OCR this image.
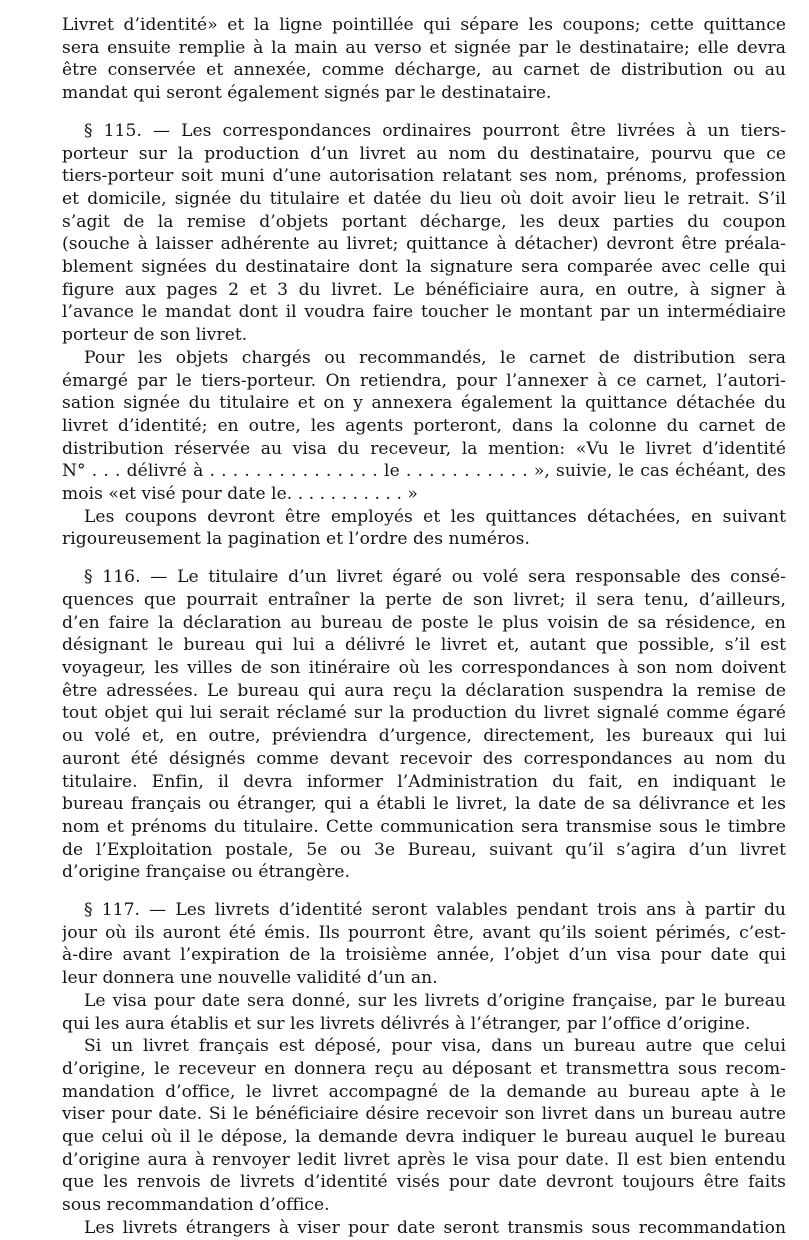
Livret d’identité» et la ligne pointillée qui sépare les coupons; cette quittance
sera ensuite remplie à la main au verso et signée par le destinataire; elle devra
être conservée et annexée, comme décharge, au carnet de distribution ou au
mandat qui seront également signés par le destinataire.
§ 115. — Les correspondances ordinaires pourront être livrées à un tiers-
porteur sur la production d’un livret au nom du destinataire, pourvu que ce
tiers-porteur soit muni d’une autorisation relatant ses nom, prénoms, profession
et domicile, signée du titulaire et datée du lieu où doit avoir lieu le retrait. S’il
s’agit de la remise d’objets portant décharge, les deux parties du coupon
(souche à laisser adhérente au livret; quittance à détacher) devront être préala-
blement signées du destinataire dont la signature sera comparée avec celle qui
figure aux pages 2 et 3 du livret. Le bénéficiaire aura, en outre, à signer à
l’avance le mandat dont il voudra faire toucher le montant par un intermédiaire
porteur de son livret.
Pour les objets chargés ou recommandés, le carnet de distribution sera
émargé par le tiers-porteur. On retiendra, pour l’annexer à ce carnet, l’autori-
sation signée du titulaire et on y annexera également la quittance détachée du
livret d’identité; en outre, les agents porteront, dans la colonne du carnet de
distribution réservée au visa du receveur, la mention: «Vu le livret d’identité
N° . . . délivré à . . . . . . . . . . . . . . . le . . . . . . . . . . . », suivie, le cas échéant, des
mois «et visé pour date le. . . . . . . . . . . »
Les coupons devront être employés et les quittances détachées, en suivant
rigoureusement la pagination et l’ordre des numéros.
§ 116. — Le titulaire d’un livret égaré ou volé sera responsable des consé-
quences que pourrait entraîner la perte de son livret; il sera tenu, d’ailleurs,
d’en faire la déclaration au bureau de poste le plus voisin de sa résidence, en
désignant le bureau qui lui a délivré le livret et, autant que possible, s’il est
voyageur, les villes de son itinéraire où les correspondances à son nom doivent
être adressées. Le bureau qui aura reçu la déclaration suspendra la remise de
tout objet qui lui serait réclamé sur la production du livret signalé comme égaré
ou volé et, en outre, préviendra d’urgence, directement, les bureaux qui lui
auront été désignés comme devant recevoir des correspondances au nom du
titulaire. Enfin, il devra informer l’Administration du fait, en indiquant le
bureau français ou étranger, qui a établi le livret, la date de sa délivrance et les
nom et prénoms du titulaire. Cette communication sera transmise sous le timbre
de l’Exploitation postale, 5e ou 3e Bureau, suivant qu’il s’agira d’un livret
d’origine française ou étrangère.
§ 117. — Les livrets d’identité seront valables pendant trois ans à partir du
jour où ils auront été émis. Ils pourront être, avant qu’ils soient périmés, c’est-
à-dire avant l’expiration de la troisième année, l’objet d’un visa pour date qui
leur donnera une nouvelle validité d’un an.
Le visa pour date sera donné, sur les livrets d’origine française, par le bureau
qui les aura établis et sur les livrets délivrés à l’étranger, par l’office d’origine.
Si un livret français est déposé, pour visa, dans un bureau autre que celui
d’origine, le receveur en donnera reçu au déposant et transmettra sous recom-
mandation d’office, le livret accompagné de la demande au bureau apte à le
viser pour date. Si le bénéficiaire désire recevoir son livret dans un bureau autre
que celui où il le dépose, la demande devra indiquer le bureau auquel le bureau
d’origine aura à renvoyer ledit livret après le visa pour date. Il est bien entendu
que les renvois de livrets d’identité visés pour date devront toujours être faits
sous recommandation d’office.
Les livrets étrangers à viser pour date seront transmis sous recommandation
